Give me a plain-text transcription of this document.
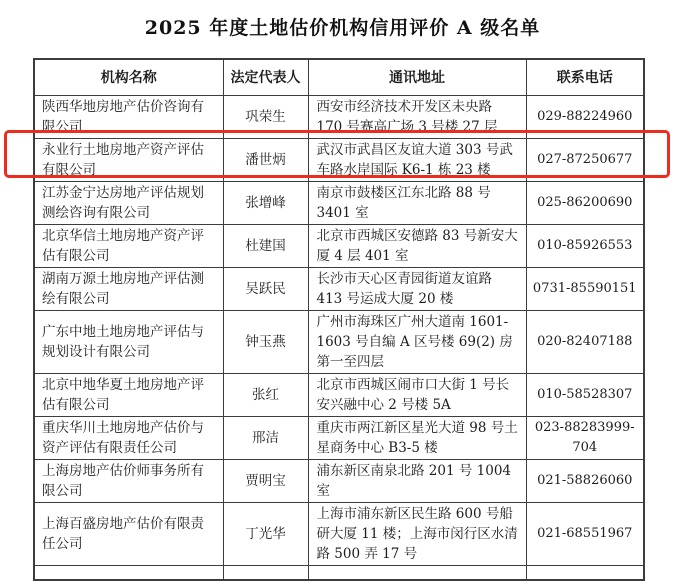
2025 年度土地估价机构信用评价 A 级名单
机构名称	法定代表人	通讯地址	联系电话
陕西华地房地产估价咨询有限公司	巩荣生	西安市经济技术开发区未央路 170 号赛高广场 3 号楼 27 层	029-88224960
永业行土地房地产资产评估有限公司	潘世炳	武汉市武昌区友谊大道 303 号武车路水岸国际 K6-1 栋 23 楼	027-87250677
江苏金宁达房地产评估规划测绘咨询有限公司	张增峰	南京市鼓楼区江东北路 88 号 3401 室	025-86200690
北京华信土地房地产资产评估有限公司	杜建国	北京市西城区安德路 83 号新安大厦 4 层 401 室	010-85926553
湖南万源土地房地产评估测绘有限公司	吴跃民	长沙市天心区青园街道友谊路 413 号运成大厦 20 楼	0731-85590151
广东中地土地房地产评估与规划设计有限公司	钟玉燕	广州市海珠区广州大道南 1601-1603 号自编 A 区号楼 69(2) 房第一至四层	020-82407188
北京中地华夏土地房地产评估有限公司	张红	北京市西城区闹市口大街 1 号长安兴融中心 2 号楼 5A	010-58528307
重庆华川土地房地产估价与资产评估有限责任公司	邢洁	重庆市两江新区星光大道 98 号土星商务中心 B3-5 楼	023-88283999-704
上海房地产估价师事务所有限公司	贾明宝	浦东新区南泉北路 201 号 1004 室	021-58826060
上海百盛房地产估价有限责任公司	丁光华	上海市浦东新区民生路 600 号船研大厦 11 楼；上海市闵行区水清路 500 弄 17 号	021-68551967
